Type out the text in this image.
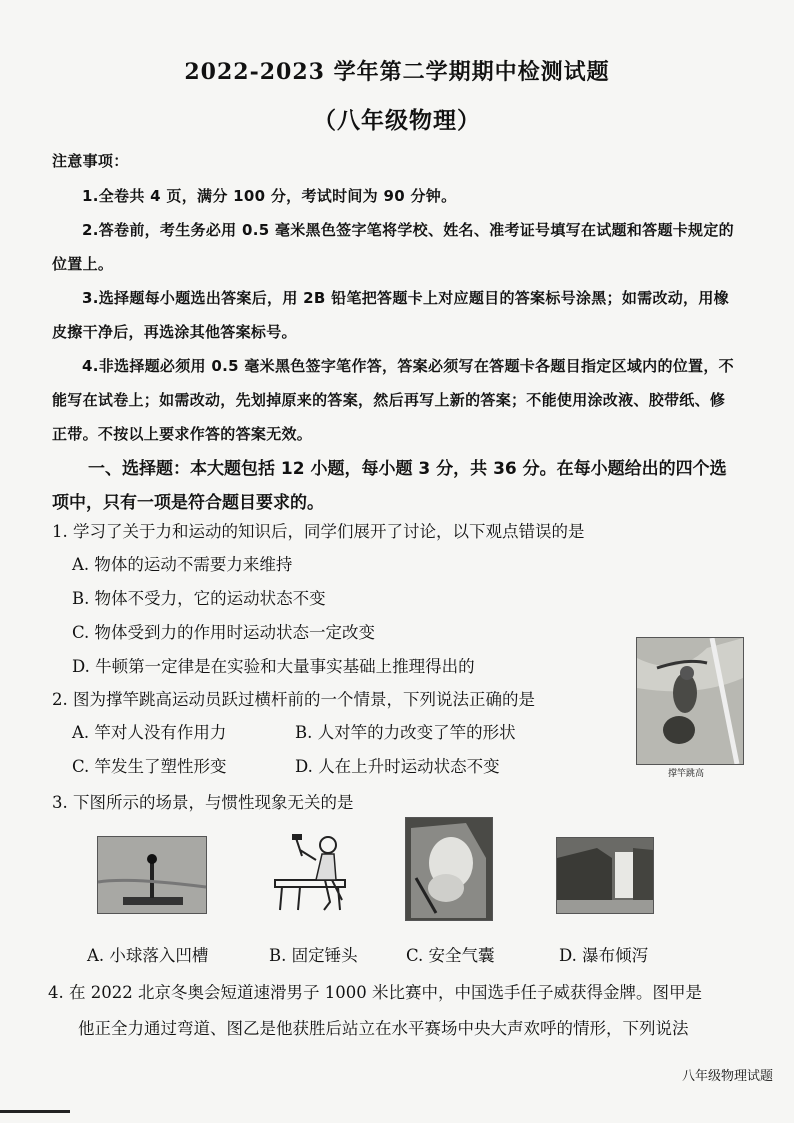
2022-2023 学年第二学期期中检测试题
（八年级物理）
注意事项：
1.全卷共 4 页，满分 100 分，考试时间为 90 分钟。
2.答卷前，考生务必用 0.5 毫米黑色签字笔将学校、姓名、准考证号填写在试题和答题卡规定的
位置上。
3.选择题每小题选出答案后，用 2B 铅笔把答题卡上对应题目的答案标号涂黑；如需改动，用橡
皮擦干净后，再选涂其他答案标号。
4.非选择题必须用 0.5 毫米黑色签字笔作答，答案必须写在答题卡各题目指定区域内的位置，不
能写在试卷上；如需改动，先划掉原来的答案，然后再写上新的答案；不能使用涂改液、胶带纸、修
正带。不按以上要求作答的答案无效。
一、选择题：本大题包括 12 小题，每小题 3 分，共 36 分。在每小题给出的四个选
项中，只有一项是符合题目要求的。
1. 学习了关于力和运动的知识后，同学们展开了讨论，以下观点错误的是
A. 物体的运动不需要力来维持
B. 物体不受力，它的运动状态不变
C. 物体受到力的作用时运动状态一定改变
D. 牛顿第一定律是在实验和大量事实基础上推理得出的
2. 图为撑竿跳高运动员跃过横杆前的一个情景，下列说法正确的是
A. 竿对人没有作用力	B. 人对竿的力改变了竿的形状
C. 竿发生了塑性形变	D. 人在上升时运动状态不变	撑竿跳高
3. 下图所示的场景，与惯性现象无关的是
A. 小球落入凹槽	B. 固定锤头	C. 安全气囊	D. 瀑布倾泻
4. 在 2022 北京冬奥会短道速滑男子 1000 米比赛中，中国选手任子威获得金牌。图甲是
他正全力通过弯道、图乙是他获胜后站立在水平赛场中央大声欢呼的情形，下列说法
八年级物理试题
